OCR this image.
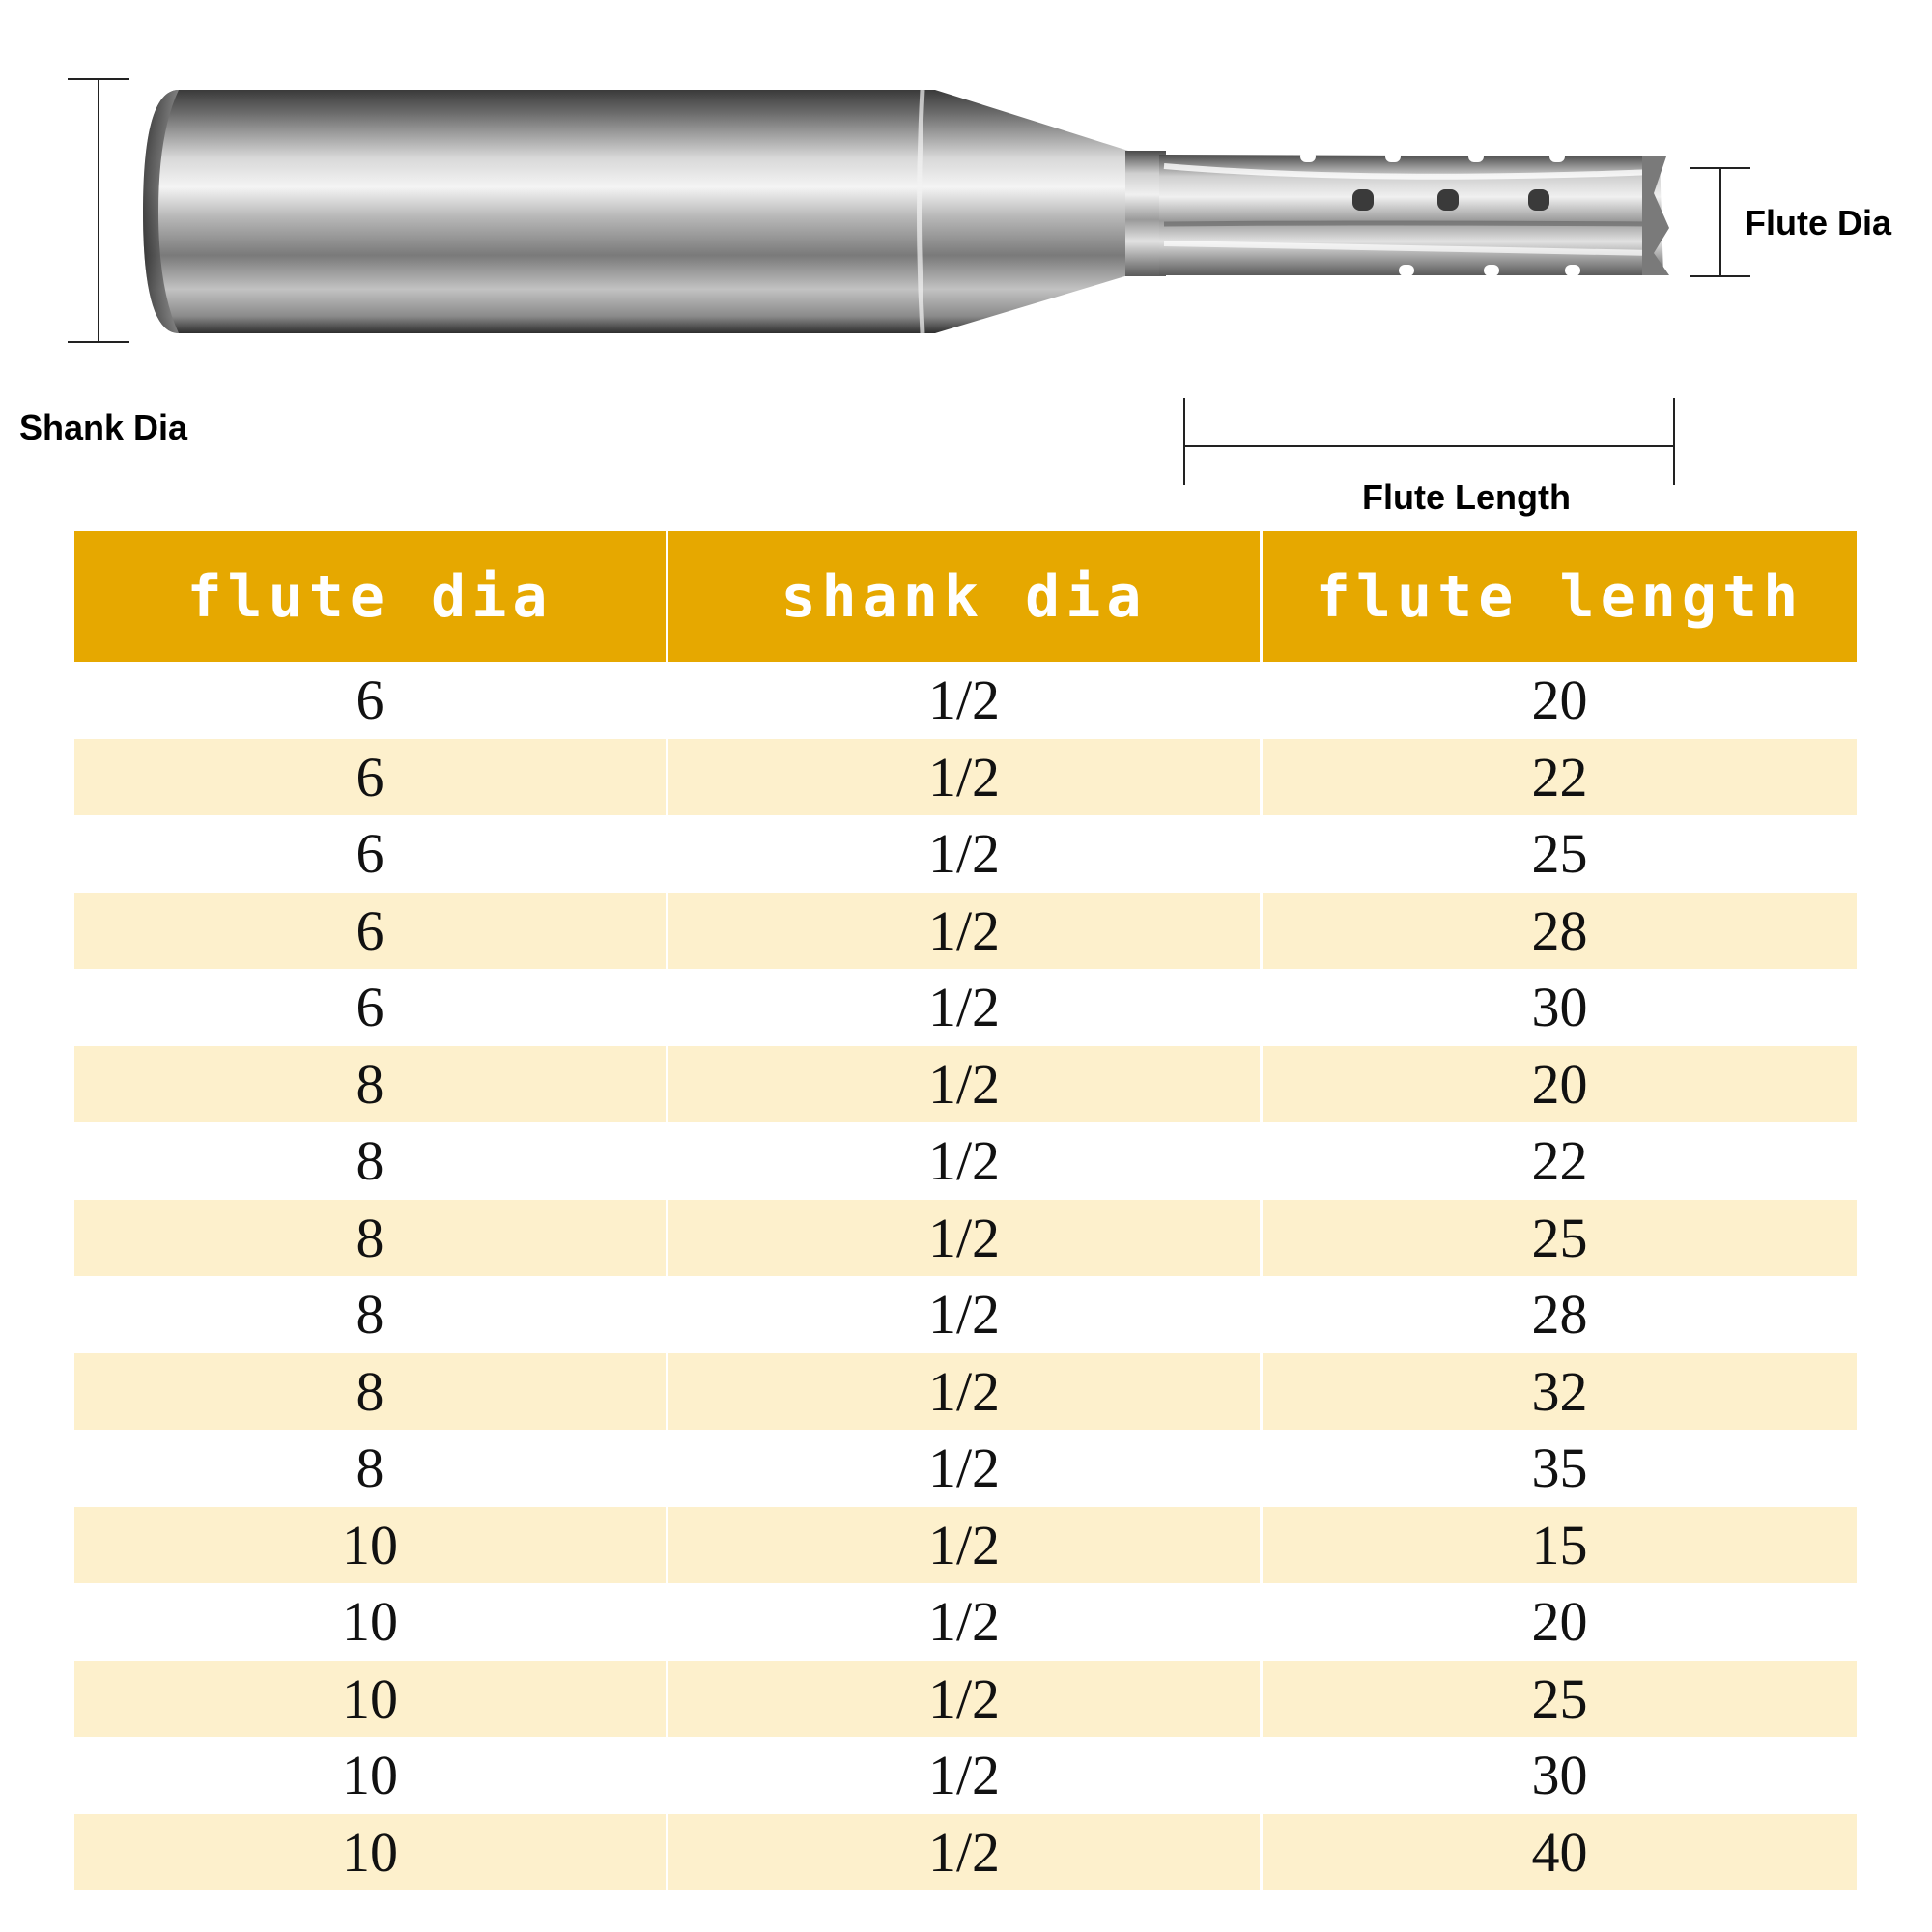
Shank Dia
Flute Dia
Flute Length
flute dia	shank dia	flute length
6	1/2	20
6	1/2	22
6	1/2	25
6	1/2	28
6	1/2	30
8	1/2	20
8	1/2	22
8	1/2	25
8	1/2	28
8	1/2	32
8	1/2	35
10	1/2	15
10	1/2	20
10	1/2	25
10	1/2	30
10	1/2	40
